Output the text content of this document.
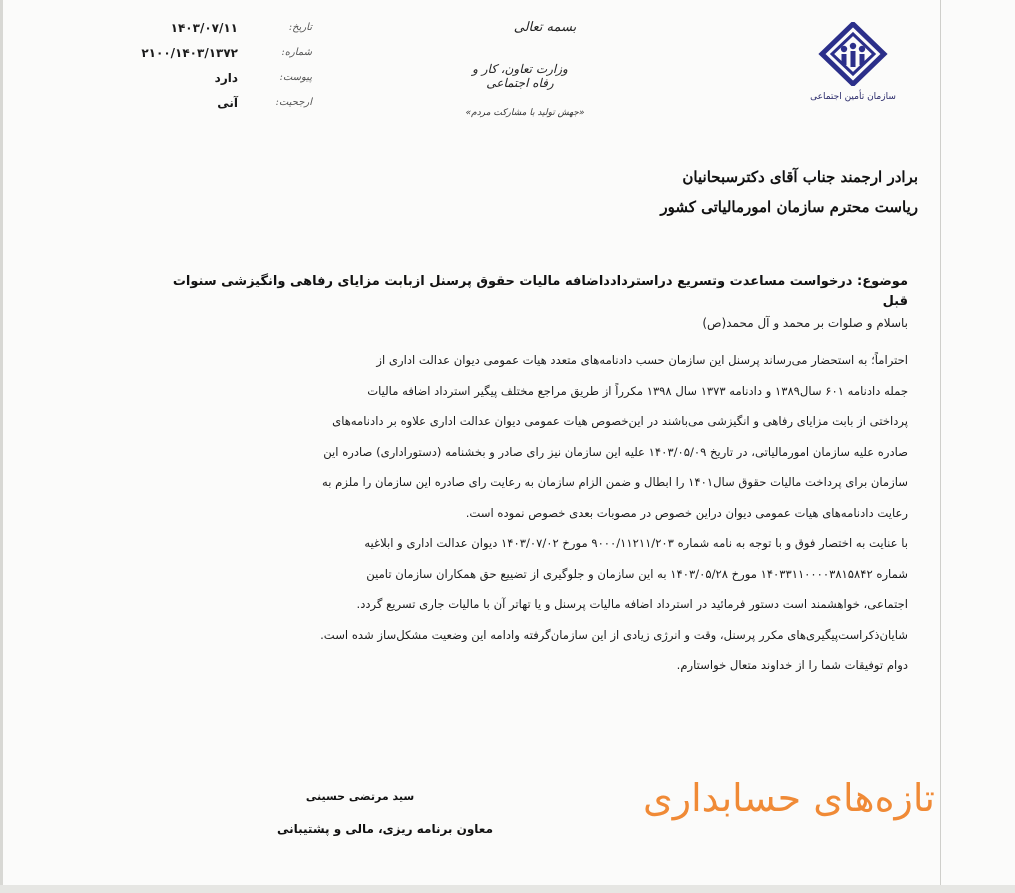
تاریخ:
۱۴۰۳/۰۷/۱۱
شماره:
۲۱۰۰/۱۴۰۳/۱۳۷۲
پیوست:
دارد
ارجحیت:
آنی
بسمه تعالی
وزارت تعاون، کار و رفاه اجتماعی
«جهش تولید با مشارکت مردم»
سازمان تأمین اجتماعی
برادر ارجمند جناب آقای دکترسبحانیان
ریاست محترم سازمان امورمالیاتی کشور
موضوع: درخواست مساعدت وتسریع دراستردادداضافه مالیات حقوق پرسنل ازبابت مزایای رفاهی وانگیزشی سنوات قبل
باسلام و صلوات بر محمد و آل محمد(ص)
احتراماً؛ به استحضار می‌رساند پرسنل این سازمان حسب دادنامه‌های متعدد هیات عمومی دیوان عدالت اداری از
جمله دادنامه ۶۰۱ سال۱۳۸۹ و دادنامه ۱۳۷۳ سال ۱۳۹۸ مکرراً از طریق مراجع مختلف پیگیر استرداد اضافه مالیات
پرداختی از بابت مزایای رفاهی و انگیزشی می‌باشند در این‌خصوص هیات عمومی دیوان عدالت اداری علاوه بر دادنامه‌های
صادره علیه سازمان امورمالیاتی، در تاریخ ۱۴۰۳/۰۵/۰۹ علیه این سازمان نیز رای صادر و بخشنامه (دستوراداری) صادره این
سازمان برای پرداخت مالیات حقوق سال۱۴۰۱ را ابطال و ضمن الزام سازمان به رعایت رای صادره این سازمان را ملزم به
رعایت دادنامه‌های هیات عمومی دیوان دراین خصوص در مصوبات بعدی خصوص نموده است.
با عنایت به اختصار فوق و با توجه به نامه شماره ۹۰۰۰/۱۱۲۱۱/۲۰۳ مورخ ۱۴۰۳/۰۷/۰۲ دیوان عدالت اداری و ابلاغیه
شماره ۱۴۰۳۳۱۱۰۰۰۰۳۸۱۵۸۴۲ مورخ ۱۴۰۳/۰۵/۲۸ به این سازمان و جلوگیری از تضییع حق همکاران سازمان تامین
اجتماعی، خواهشمند است دستور فرمائید در استرداد اضافه مالیات پرسنل و یا تهاتر آن با مالیات جاری تسریع گردد.
شایان‌ذکراست‌پیگیری‌های مکرر پرسنل، وقت و انرژی زیادی از این سازمان‌گرفته وادامه این وضعیت مشکل‌ساز شده است.
دوام توفیقات شما را از خداوند متعال خواستارم.
سید مرتضی حسینی
معاون برنامه ریزی، مالی و پشتیبانی
تازه‌های حسابداری
